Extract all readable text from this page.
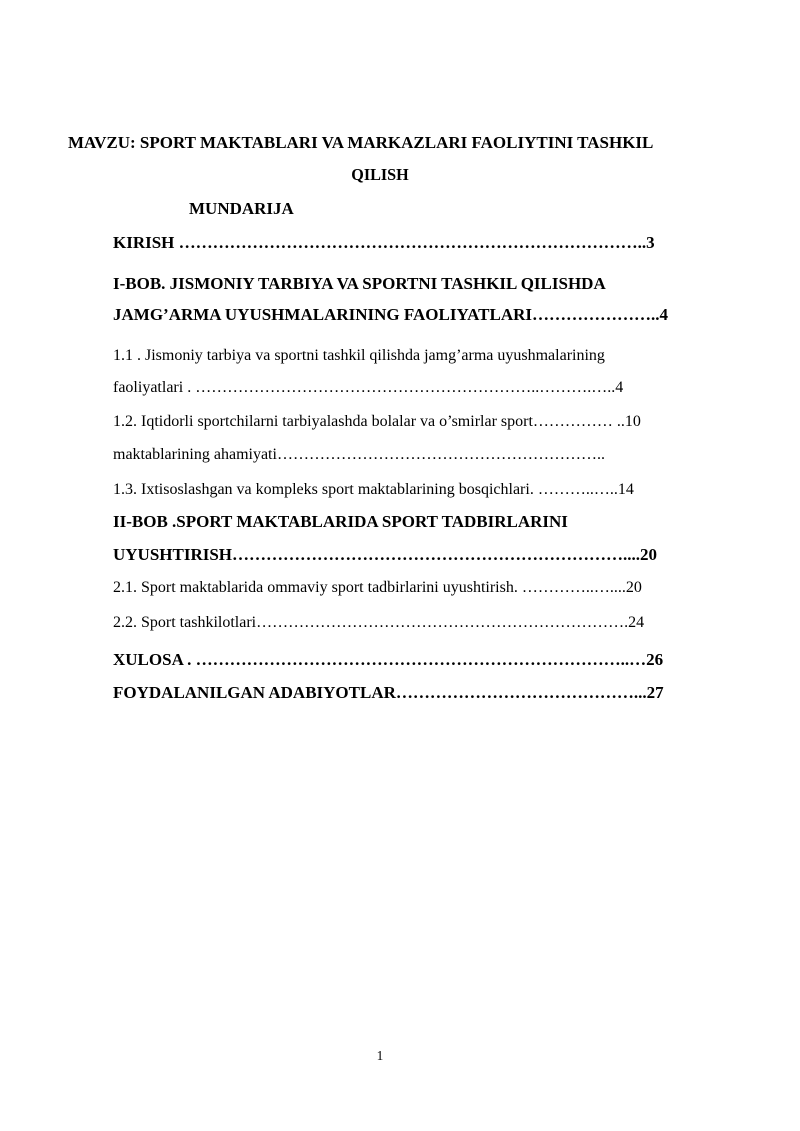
MAVZU: SPORT MAKTABLARI VA MARKAZLARI FAOLIYTINI TASHKIL

QILISH

MUNDARIJA

KIRISH ………………………………………………………………………..3

I-BOB. JISMONIY TARBIYA VA SPORTNI TASHKIL QILISHDA

JAMG’ARMA UYUSHMALARINING FAOLIYATLARI…………………..4

1.1 . Jismoniy tarbiya va sportni tashkil qilishda jamg’arma uyushmalarining

faoliyatlari . ………………………………………………………..……….…..4

1.2. Iqtidorli sportchilarni tarbiyalashda bolalar va o’smirlar sport…………… ..10

maktablarining ahamiyati……………………………………………………..

1.3. Ixtisoslashgan va kompleks sport maktablarining bosqichlari. ………..…..14

II-BOB .SPORT MAKTABLARIDA SPORT TADBIRLARINI

UYUSHTIRISH……………………………………………………………....20

2.1. Sport maktablarida ommaviy sport tadbirlarini uyushtirish. …………..…....20

2.2. Sport tashkilotlari…………………………………………………………….24

XULOSA . …………………………………………………………………..…26

FOYDALANILGAN ADABIYOTLAR……………………………………...27

1
